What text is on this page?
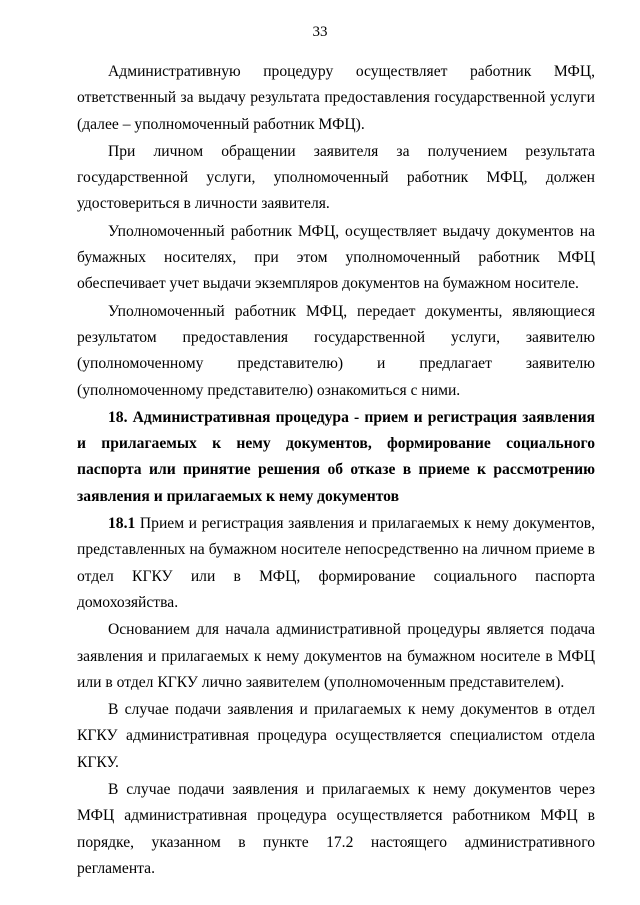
33

Административную процедуру осуществляет работник МФЦ, ответственный за выдачу результата предоставления государственной услуги (далее – уполномоченный работник МФЦ).

При личном обращении заявителя за получением результата государственной услуги, уполномоченный работник МФЦ, должен удостовериться в личности заявителя.

Уполномоченный работник МФЦ, осуществляет выдачу документов на бумажных носителях, при этом уполномоченный работник МФЦ обеспечивает учет выдачи экземпляров документов на бумажном носителе.

Уполномоченный работник МФЦ, передает документы, являющиеся результатом предоставления государственной услуги, заявителю (уполномоченному представителю) и предлагает заявителю (уполномоченному представителю) ознакомиться с ними.

18. Административная процедура - прием и регистрация заявления и прилагаемых к нему документов, формирование социального паспорта или принятие решения об отказе в приеме к рассмотрению заявления и прилагаемых к нему документов

18.1 Прием и регистрация заявления и прилагаемых к нему документов, представленных на бумажном носителе непосредственно на личном приеме в отдел КГКУ или в МФЦ, формирование социального паспорта домохозяйства.

Основанием для начала административной процедуры является подача заявления и прилагаемых к нему документов на бумажном носителе в МФЦ или в отдел КГКУ лично заявителем (уполномоченным представителем).

В случае подачи заявления и прилагаемых к нему документов в отдел КГКУ административная процедура осуществляется специалистом отдела КГКУ.

В случае подачи заявления и прилагаемых к нему документов через МФЦ административная процедура осуществляется работником МФЦ в порядке, указанном в пункте 17.2 настоящего административного регламента.
